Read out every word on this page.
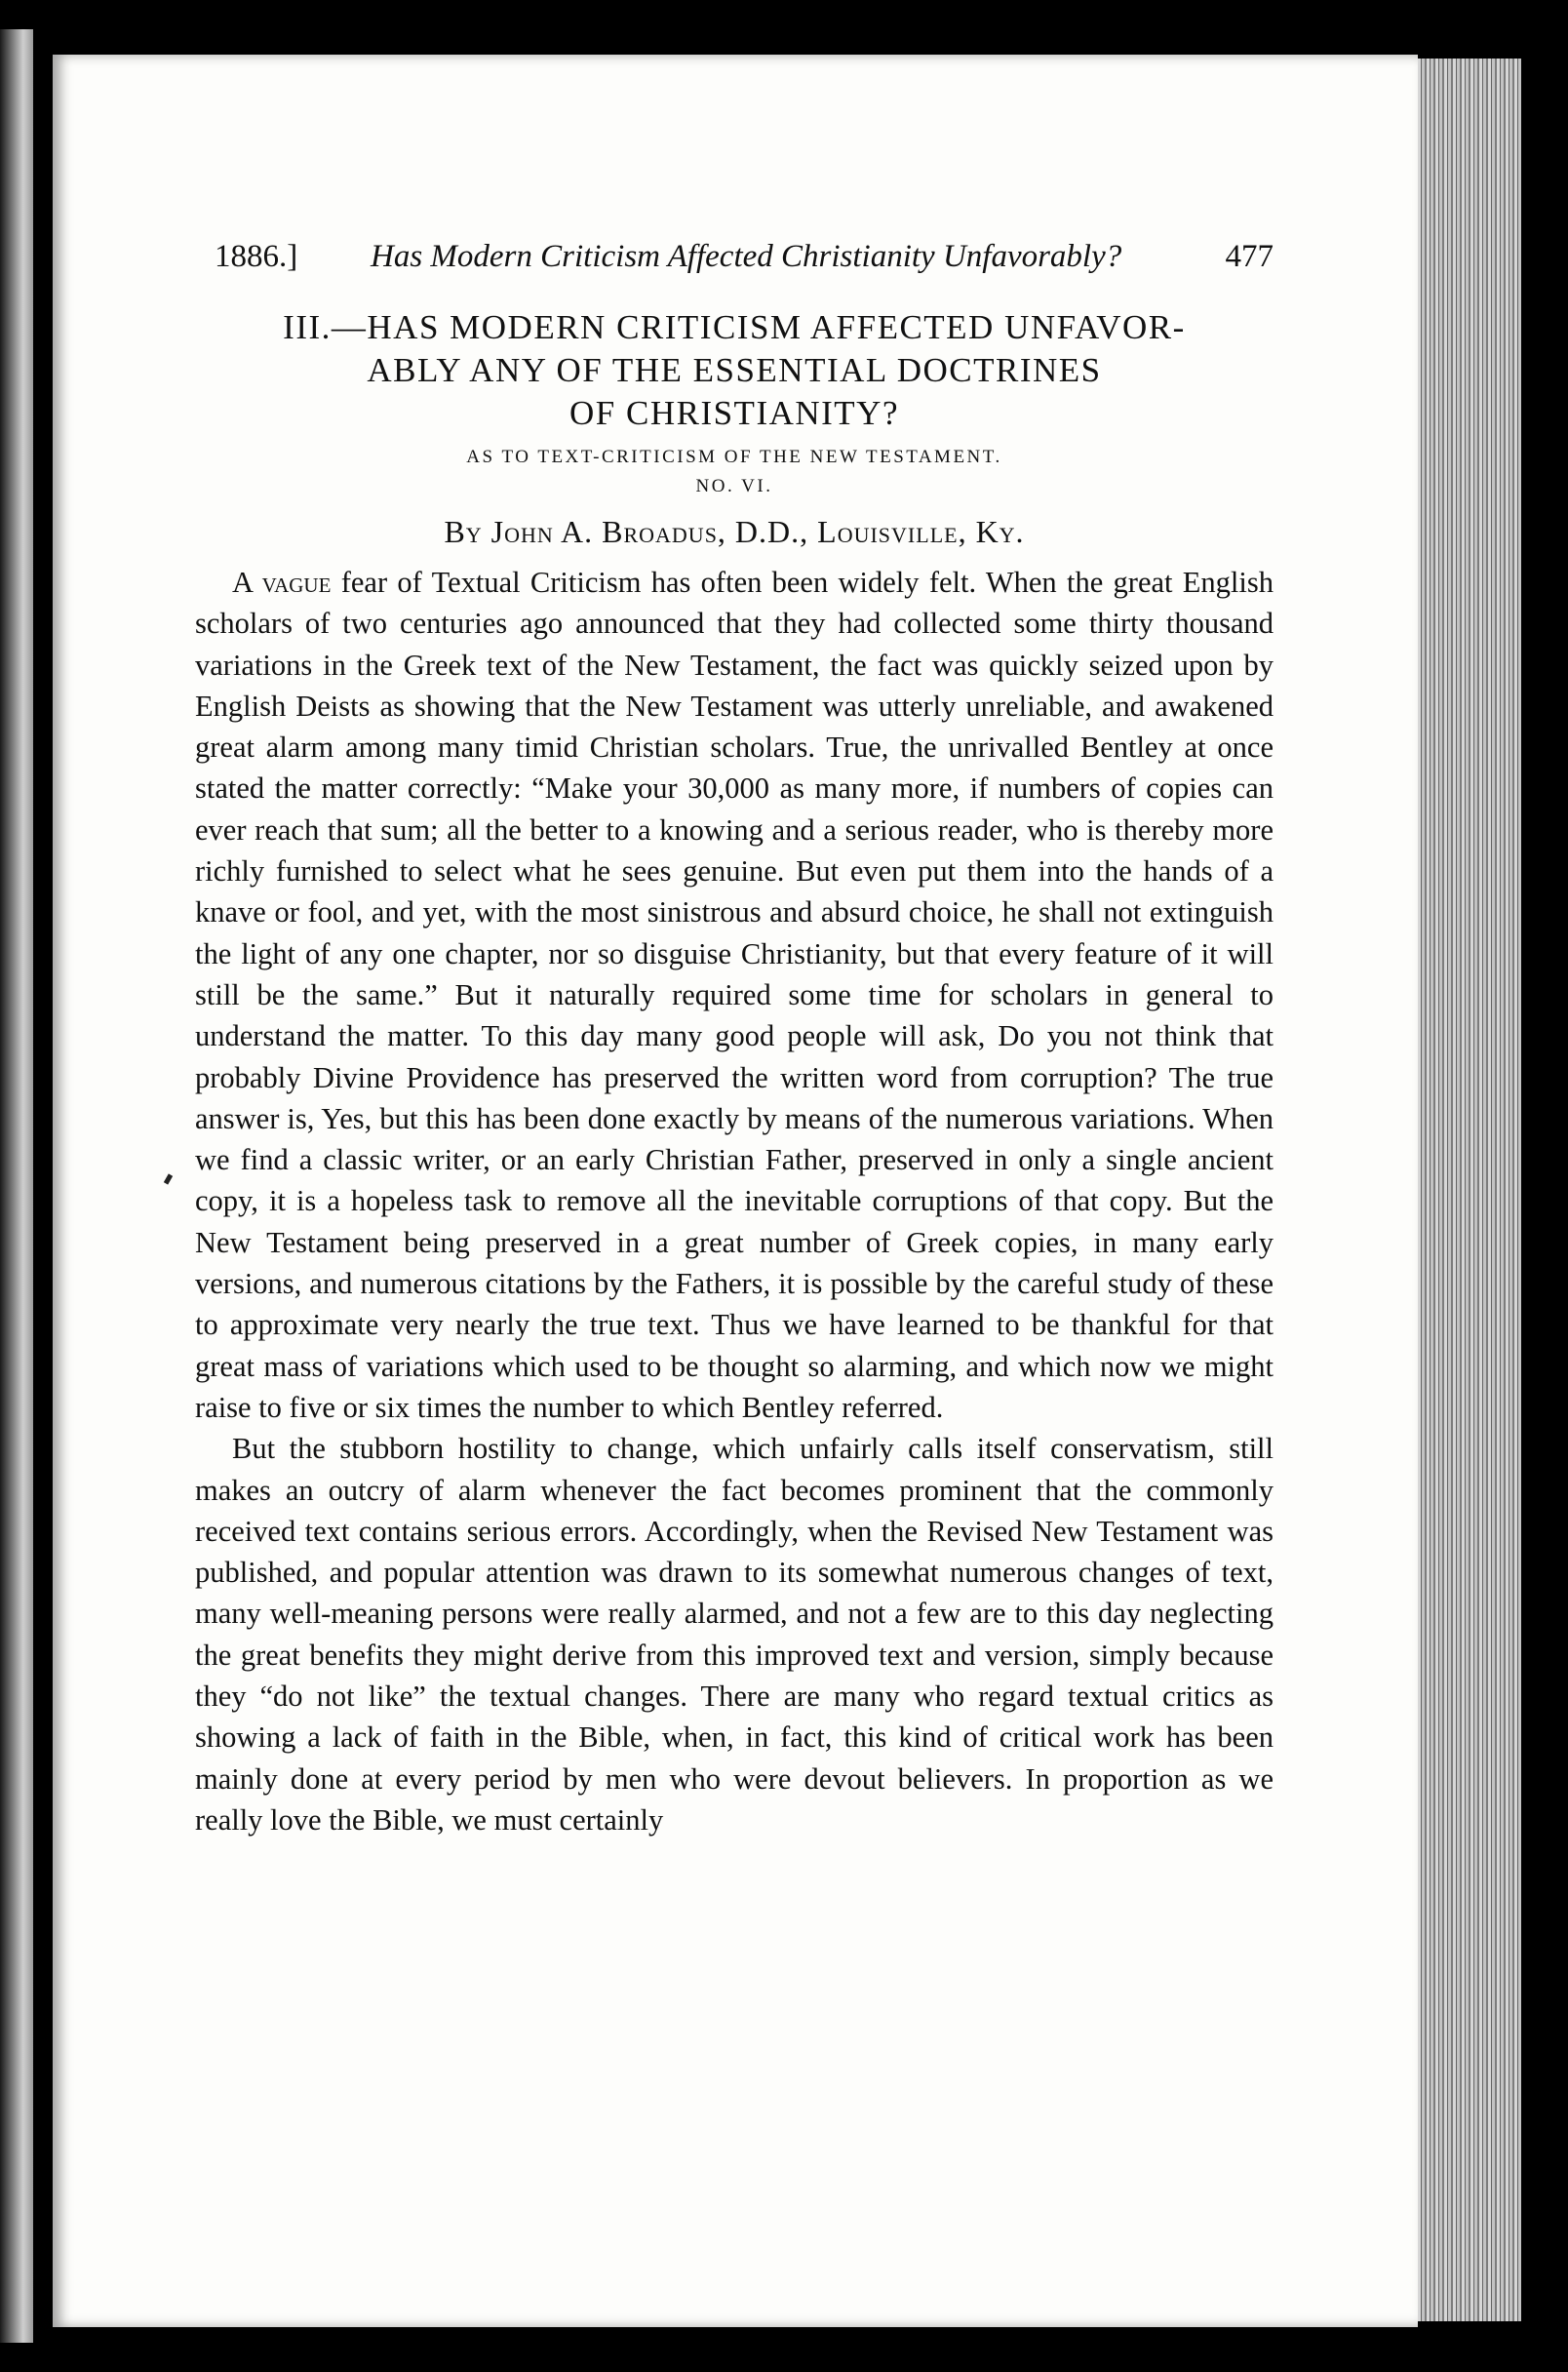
1886.] Has Modern Criticism Affected Christianity Unfavorably?	477
III.—HAS MODERN CRITICISM AFFECTED UNFAVOR-
ABLY ANY OF THE ESSENTIAL DOCTRINES
OF CHRISTIANITY?
AS TO TEXT-CRITICISM OF THE NEW TESTAMENT.
NO. VI.
By John A. Broadus, D.D., Louisville, Ky.

A vague fear of Textual Criticism has often been widely felt. When the great English scholars of two centuries ago announced that they had collected some thirty thousand variations in the Greek text of the New Testament, the fact was quickly seized upon by English Deists as showing that the New Testament was utterly unreliable, and awakened great alarm among many timid Christian scholars. True, the unrivalled Bentley at once stated the matter correctly: “Make your 30,000 as many more, if numbers of copies can ever reach that sum; all the better to a knowing and a serious reader, who is thereby more richly furnished to select what he sees genuine. But even put them into the hands of a knave or fool, and yet, with the most sinistrous and absurd choice, he shall not extinguish the light of any one chapter, nor so disguise Christianity, but that every feature of it will still be the same.” But it naturally required some time for scholars in general to understand the matter. To this day many good people will ask, Do you not think that probably Divine Providence has preserved the written word from corruption? The true answer is, Yes, but this has been done exactly by means of the numerous variations. When we find a classic writer, or an early Christian Father, preserved in only a single ancient copy, it is a hopeless task to remove all the inevitable corruptions of that copy. But the New Testament being preserved in a great number of Greek copies, in many early versions, and numerous citations by the Fathers, it is possible by the careful study of these to approximate very nearly the true text. Thus we have learned to be thankful for that great mass of variations which used to be thought so alarming, and which now we might raise to five or six times the number to which Bentley referred.

But the stubborn hostility to change, which unfairly calls itself conservatism, still makes an outcry of alarm whenever the fact becomes prominent that the commonly received text contains serious errors. Accordingly, when the Revised New Testament was published, and popular attention was drawn to its somewhat numerous changes of text, many well-meaning persons were really alarmed, and not a few are to this day neglecting the great benefits they might derive from this improved text and version, simply because they “do not like” the textual changes. There are many who regard textual critics as showing a lack of faith in the Bible, when, in fact, this kind of critical work has been mainly done at every period by men who were devout believers. In proportion as we really love the Bible, we must certainly
